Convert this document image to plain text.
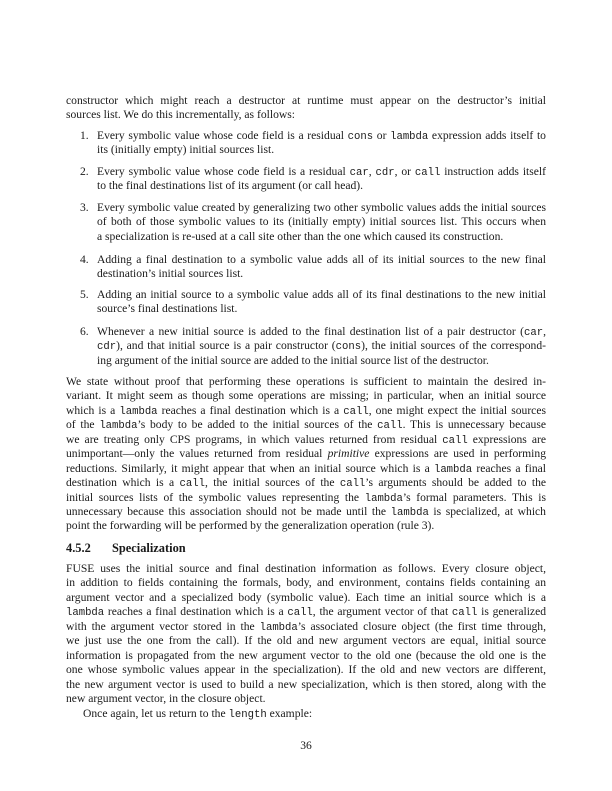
constructor which might reach a destructor at runtime must appear on the destructor’s initial
sources list. We do this incrementally, as follows:
1. Every symbolic value whose code field is a residual cons or lambda expression adds itself to
its (initially empty) initial sources list.
2. Every symbolic value whose code field is a residual car, cdr, or call instruction adds itself
to the final destinations list of its argument (or call head).
3. Every symbolic value created by generalizing two other symbolic values adds the initial sources
of both of those symbolic values to its (initially empty) initial sources list. This occurs when
a specialization is re-used at a call site other than the one which caused its construction.
4. Adding a final destination to a symbolic value adds all of its initial sources to the new final
destination’s initial sources list.
5. Adding an initial source to a symbolic value adds all of its final destinations to the new initial
source’s final destinations list.
6. Whenever a new initial source is added to the final destination list of a pair destructor (car,
cdr), and that initial source is a pair constructor (cons), the initial sources of the correspond-
ing argument of the initial source are added to the initial source list of the destructor.
We state without proof that performing these operations is sufficient to maintain the desired in-
variant. It might seem as though some operations are missing; in particular, when an initial source
which is a lambda reaches a final destination which is a call, one might expect the initial sources
of the lambda’s body to be added to the initial sources of the call. This is unnecessary because
we are treating only CPS programs, in which values returned from residual call expressions are
unimportant—only the values returned from residual primitive expressions are used in performing
reductions. Similarly, it might appear that when an initial source which is a lambda reaches a final
destination which is a call, the initial sources of the call’s arguments should be added to the
initial sources lists of the symbolic values representing the lambda’s formal parameters. This is
unnecessary because this association should not be made until the lambda is specialized, at which
point the forwarding will be performed by the generalization operation (rule 3).
4.5.2 Specialization
FUSE uses the initial source and final destination information as follows. Every closure object,
in addition to fields containing the formals, body, and environment, contains fields containing an
argument vector and a specialized body (symbolic value). Each time an initial source which is a
lambda reaches a final destination which is a call, the argument vector of that call is generalized
with the argument vector stored in the lambda’s associated closure object (the first time through,
we just use the one from the call). If the old and new argument vectors are equal, initial source
information is propagated from the new argument vector to the old one (because the old one is the
one whose symbolic values appear in the specialization). If the old and new vectors are different,
the new argument vector is used to build a new specialization, which is then stored, along with the
new argument vector, in the closure object.
Once again, let us return to the length example:
36
